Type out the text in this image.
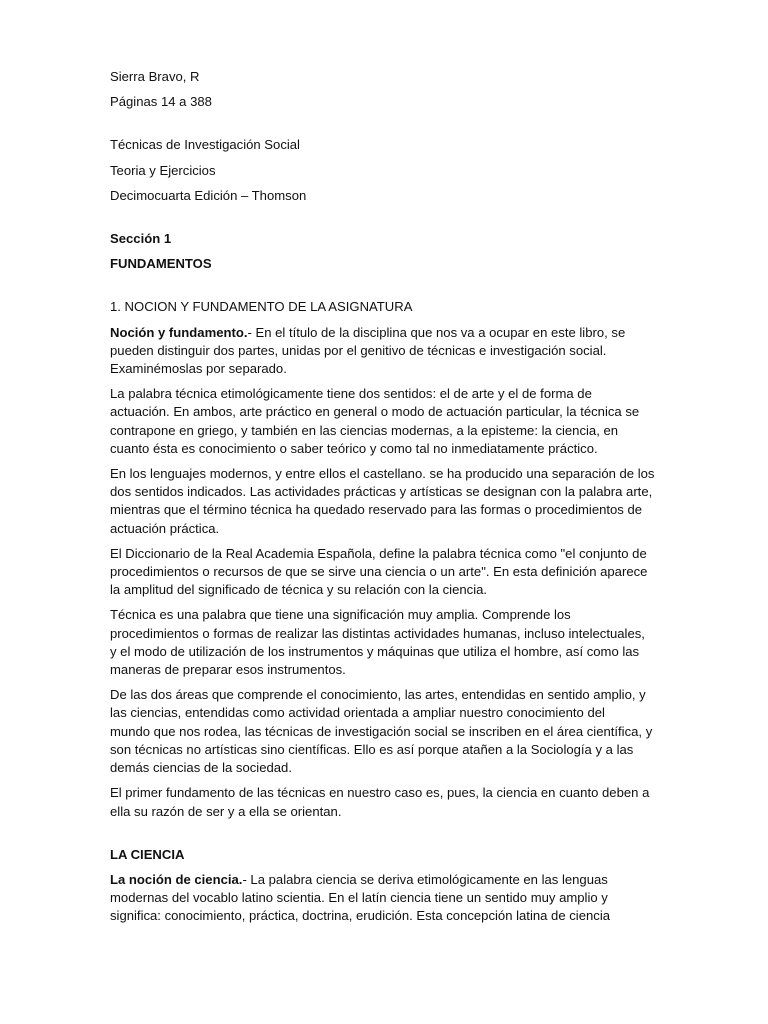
Sierra Bravo, R

Páginas 14 a 388

Técnicas de Investigación Social

Teoria y Ejercicios

Decimocuarta Edición – Thomson

Sección 1

FUNDAMENTOS

1. NOCION Y FUNDAMENTO DE LA ASIGNATURA

Noción y fundamento.- En el título de la disciplina que nos va a ocupar en este libro, se
pueden distinguir dos partes, unidas por el genitivo de técnicas e investigación social.
Examinémoslas por separado.
La palabra técnica etimológicamente tiene dos sentidos: el de arte y el de forma de
actuación. En ambos, arte práctico en general o modo de actuación particular, la técnica se
contrapone en griego, y también en las ciencias modernas, a la episteme: la ciencia, en
cuanto ésta es conocimiento o saber teórico y como tal no inmediatamente práctico.
En los lenguajes modernos, y entre ellos el castellano. se ha producido una separación de los
dos sentidos indicados. Las actividades prácticas y artísticas se designan con la palabra arte,
mientras que el término técnica ha quedado reservado para las formas o procedimientos de
actuación práctica.
El Diccionario de la Real Academia Española, define la palabra técnica como "el conjunto de
procedimientos o recursos de que se sirve una ciencia o un arte". En esta definición aparece
la amplitud del significado de técnica y su relación con la ciencia.
Técnica es una palabra que tiene una significación muy amplia. Comprende los
procedimientos o formas de realizar las distintas actividades humanas, incluso intelectuales,
y el modo de utilización de los instrumentos y máquinas que utiliza el hombre, así como las
maneras de preparar esos instrumentos.
De las dos áreas que comprende el conocimiento, las artes, entendidas en sentido amplio, y
las ciencias, entendidas como actividad orientada a ampliar nuestro conocimiento del
mundo que nos rodea, las técnicas de investigación social se inscriben en el área científica, y
son técnicas no artísticas sino científicas. Ello es así porque atañen a la Sociología y a las
demás ciencias de la sociedad.
El primer fundamento de las técnicas en nuestro caso es, pues, la ciencia en cuanto deben a
ella su razón de ser y a ella se orientan.

LA CIENCIA

La noción de ciencia.- La palabra ciencia se deriva etimológicamente en las lenguas
modernas del vocablo latino scientia. En el latín ciencia tiene un sentido muy amplio y
significa: conocimiento, práctica, doctrina, erudición. Esta concepción latina de ciencia
